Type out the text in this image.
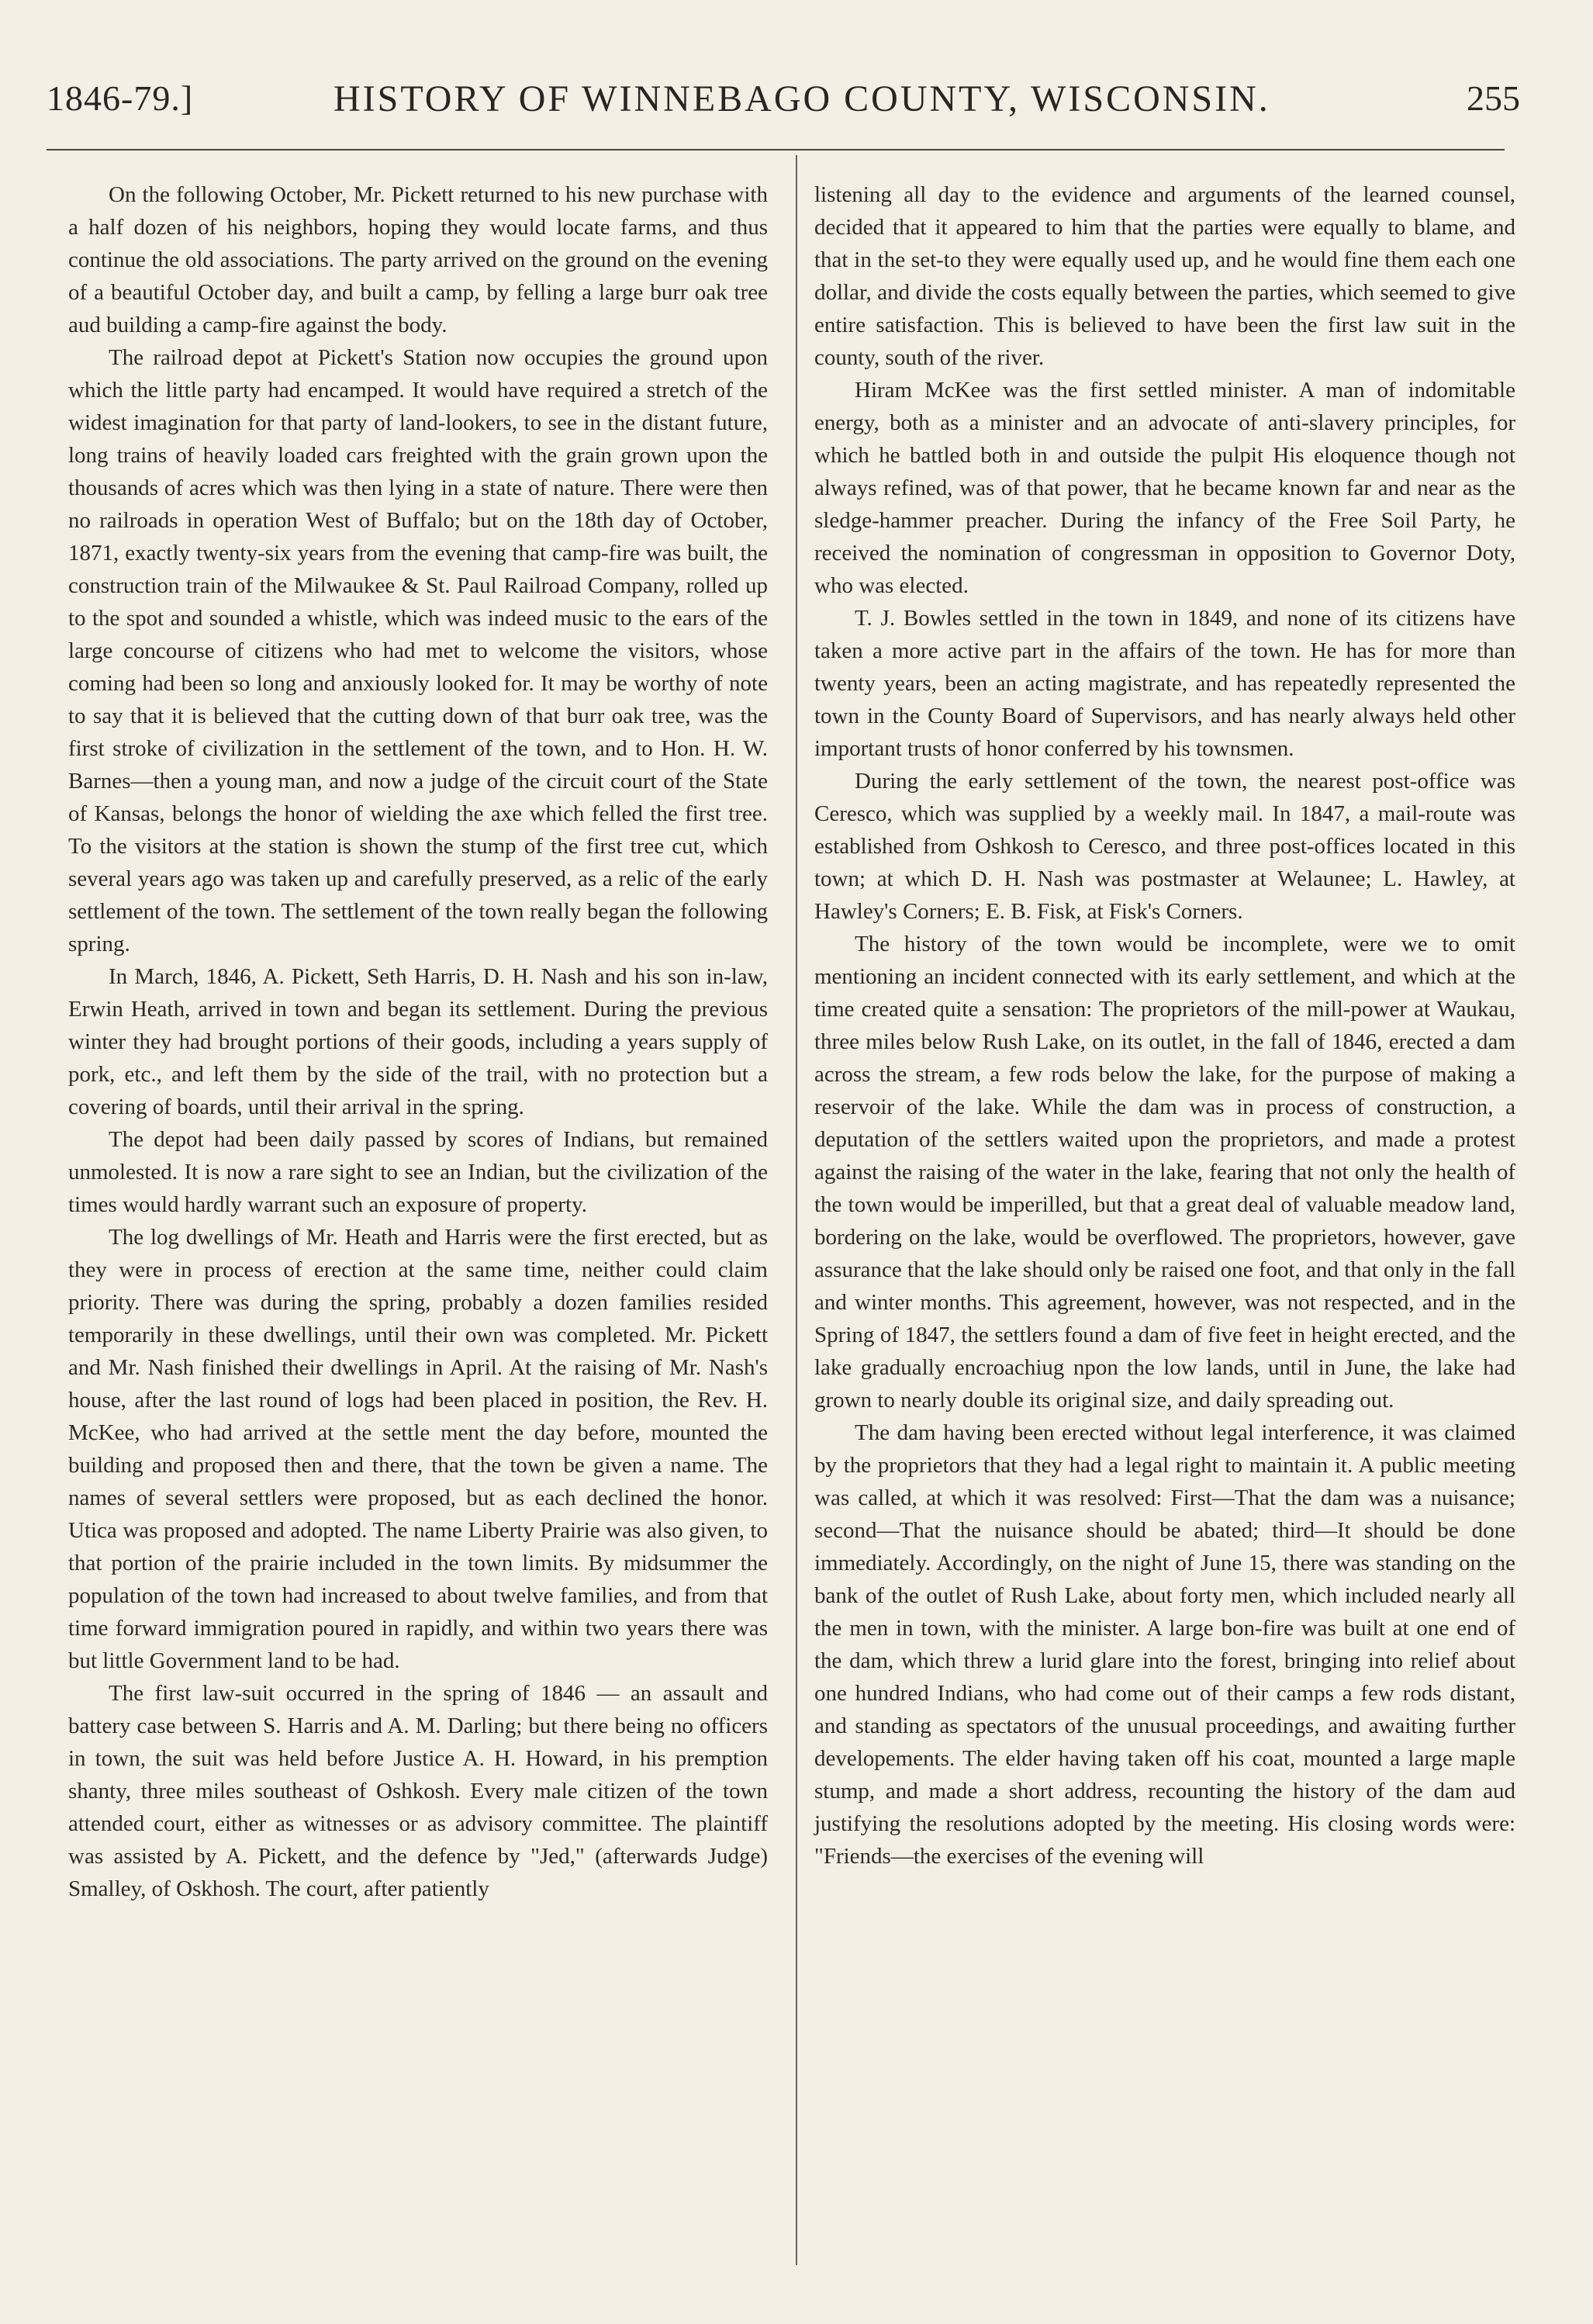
1846-79.]	HISTORY OF WINNEBAGO COUNTY, WISCONSIN.	255

On the following October, Mr. Pickett returned to his new purchase with a half dozen of his neighbors, hoping they would locate farms, and thus continue the old associations. The party arrived on the ground on the evening of a beautiful October day, and built a camp, by felling a large burr oak tree aud building a camp-fire against the body.

The railroad depot at Pickett's Station now occupies the ground upon which the little party had encamped. It would have required a stretch of the widest imagination for that party of land-lookers, to see in the distant future, long trains of heavily loaded cars freighted with the grain grown upon the thousands of acres which was then lying in a state of nature. There were then no railroads in operation West of Buffalo; but on the 18th day of October, 1871, exactly twenty-six years from the evening that camp-fire was built, the construction train of the Milwaukee & St. Paul Railroad Company, rolled up to the spot and sounded a whistle, which was indeed music to the ears of the large concourse of citizens who had met to welcome the visitors, whose coming had been so long and anxiously looked for. It may be worthy of note to say that it is believed that the cutting down of that burr oak tree, was the first stroke of civilization in the settlement of the town, and to Hon. H. W. Barnes—then a young man, and now a judge of the circuit court of the State of Kansas, belongs the honor of wielding the axe which felled the first tree. To the visitors at the station is shown the stump of the first tree cut, which several years ago was taken up and carefully preserved, as a relic of the early settlement of the town. The settlement of the town really began the following spring.

In March, 1846, A. Pickett, Seth Harris, D. H. Nash and his son in-law, Erwin Heath, arrived in town and began its settlement. During the previous winter they had brought portions of their goods, including a years supply of pork, etc., and left them by the side of the trail, with no protection but a covering of boards, until their arrival in the spring.

The depot had been daily passed by scores of Indians, but remained unmolested. It is now a rare sight to see an Indian, but the civilization of the times would hardly warrant such an exposure of property.

The log dwellings of Mr. Heath and Harris were the first erected, but as they were in process of erection at the same time, neither could claim priority. There was during the spring, probably a dozen families resided temporarily in these dwellings, until their own was completed. Mr. Pickett and Mr. Nash finished their dwellings in April. At the raising of Mr. Nash's house, after the last round of logs had been placed in position, the Rev. H. McKee, who had arrived at the settle ment the day before, mounted the building and proposed then and there, that the town be given a name. The names of several settlers were proposed, but as each declined the honor. Utica was proposed and adopted. The name Liberty Prairie was also given, to that portion of the prairie included in the town limits. By midsummer the population of the town had increased to about twelve families, and from that time forward immigration poured in rapidly, and within two years there was but little Government land to be had.

The first law-suit occurred in the spring of 1846 — an assault and battery case between S. Harris and A. M. Darling; but there being no officers in town, the suit was held before Justice A. H. Howard, in his premption shanty, three miles southeast of Oshkosh. Every male citizen of the town attended court, either as witnesses or as advisory committee. The plaintiff was assisted by A. Pickett, and the defence by "Jed," (afterwards Judge) Smalley, of Oskhosh. The court, after patiently

listening all day to the evidence and arguments of the learned counsel, decided that it appeared to him that the parties were equally to blame, and that in the set-to they were equally used up, and he would fine them each one dollar, and divide the costs equally between the parties, which seemed to give entire satisfaction. This is believed to have been the first law suit in the county, south of the river.

Hiram McKee was the first settled minister. A man of indomitable energy, both as a minister and an advocate of anti-slavery principles, for which he battled both in and outside the pulpit His eloquence though not always refined, was of that power, that he became known far and near as the sledge-hammer preacher. During the infancy of the Free Soil Party, he received the nomination of congressman in opposition to Governor Doty, who was elected.

T. J. Bowles settled in the town in 1849, and none of its citizens have taken a more active part in the affairs of the town. He has for more than twenty years, been an acting magistrate, and has repeatedly represented the town in the County Board of Supervisors, and has nearly always held other important trusts of honor conferred by his townsmen.

During the early settlement of the town, the nearest post-office was Ceresco, which was supplied by a weekly mail. In 1847, a mail-route was established from Oshkosh to Ceresco, and three post-offices located in this town; at which D. H. Nash was postmaster at Welaunee; L. Hawley, at Hawley's Corners; E. B. Fisk, at Fisk's Corners.

The history of the town would be incomplete, were we to omit mentioning an incident connected with its early settlement, and which at the time created quite a sensation: The proprietors of the mill-power at Waukau, three miles below Rush Lake, on its outlet, in the fall of 1846, erected a dam across the stream, a few rods below the lake, for the purpose of making a reservoir of the lake. While the dam was in process of construction, a deputation of the settlers waited upon the proprietors, and made a protest against the raising of the water in the lake, fearing that not only the health of the town would be imperilled, but that a great deal of valuable meadow land, bordering on the lake, would be overflowed. The proprietors, however, gave assurance that the lake should only be raised one foot, and that only in the fall and winter months. This agreement, however, was not respected, and in the Spring of 1847, the settlers found a dam of five feet in height erected, and the lake gradually encroachiug npon the low lands, until in June, the lake had grown to nearly double its original size, and daily spreading out.

The dam having been erected without legal interference, it was claimed by the proprietors that they had a legal right to maintain it. A public meeting was called, at which it was resolved: First—That the dam was a nuisance; second—That the nuisance should be abated; third—It should be done immediately. Accordingly, on the night of June 15, there was standing on the bank of the outlet of Rush Lake, about forty men, which included nearly all the men in town, with the minister. A large bon-fire was built at one end of the dam, which threw a lurid glare into the forest, bringing into relief about one hundred Indians, who had come out of their camps a few rods distant, and standing as spectators of the unusual proceedings, and awaiting further developements. The elder having taken off his coat, mounted a large maple stump, and made a short address, recounting the history of the dam aud justifying the resolutions adopted by the meeting. His closing words were: "Friends—the exercises of the evening will
